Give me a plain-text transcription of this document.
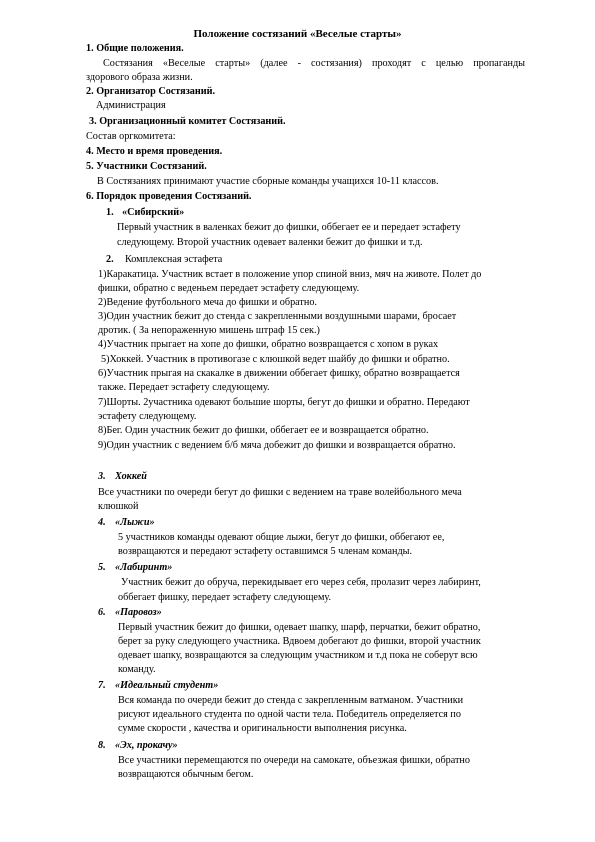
Положение состязаний «Веселые старты»
1. Общие положения.
Состязания «Веселые старты» (далее - состязания) проходят с целью пропаганды
здорового образа жизни.
2. Организатор Состязаний.
Администрация
3. Организационный комитет Состязаний.
Состав оргкомитета:
4. Место и время проведения.
5. Участники Состязаний.
В Состязаниях принимают участие сборные команды учащихся 10-11 классов.
6. Порядок проведения Состязаний.
1. «Сибирский»
Первый участник в валенках бежит до фишки, оббегает ее и передает эстафету
следующему. Второй участник одевает валенки бежит до фишки и т.д.
2. Комплексная эстафета
1)Каракатица. Участник встает в положение упор спиной вниз, мяч на животе. Полет до
фишки, обратно с веденьем передает эстафету следующему.
2)Ведение футбольного меча до фишки и обратно.
3)Один участник бежит до стенда с закрепленными воздушными шарами, бросает
дротик. ( За непораженную мишень штраф 15 сек.)
4)Участник прыгает на хопе до фишки, обратно возвращается с хопом в руках
5)Хоккей. Участник в противогазе с клюшкой ведет шайбу до фишки и обратно.
6)Участник прыгая на скакалке в движении оббегает фишку, обратно возвращается
также. Передает эстафету следующему.
7)Шорты. 2участника одевают большие шорты, бегут до фишки и обратно. Передают
эстафету следующему.
8)Бег. Один участник бежит до фишки, оббегает ее и возвращается обратно.
9)Один участник с ведением б/б мяча добежит до фишки и возвращается обратно.
3. Хоккей
Все участники по очереди бегут до фишки с ведением на траве волейбольного меча
клюшкой
4. «Лыжи»
5 участников команды одевают общие лыжи, бегут до фишки, оббегают ее,
возвращаются и передают эстафету оставшимся 5 членам команды.
5. «Лабиринт»
Участник бежит до обруча, перекидывает его через себя, пролазит через лабиринт,
оббегает фишку, передает эстафету следующему.
6. «Паровоз»
Первый участник бежит до фишки, одевает шапку, шарф, перчатки, бежит обратно,
берет за руку следующего участника. Вдвоем добегают до фишки, второй участник
одевает шапку, возвращаются за следующим участником и т.д пока не соберут всю
команду.
7. «Идеальный студент»
Вся команда по очереди бежит до стенда с закрепленным ватманом. Участники
рисуют идеального студента по одной части тела. Победитель определяется по
сумме скорости , качества и оригинальности выполнения рисунка.
8. «Эх, прокачу»
Все участники перемещаются по очереди на самокате, объезжая фишки, обратно
возвращаются обычным бегом.
